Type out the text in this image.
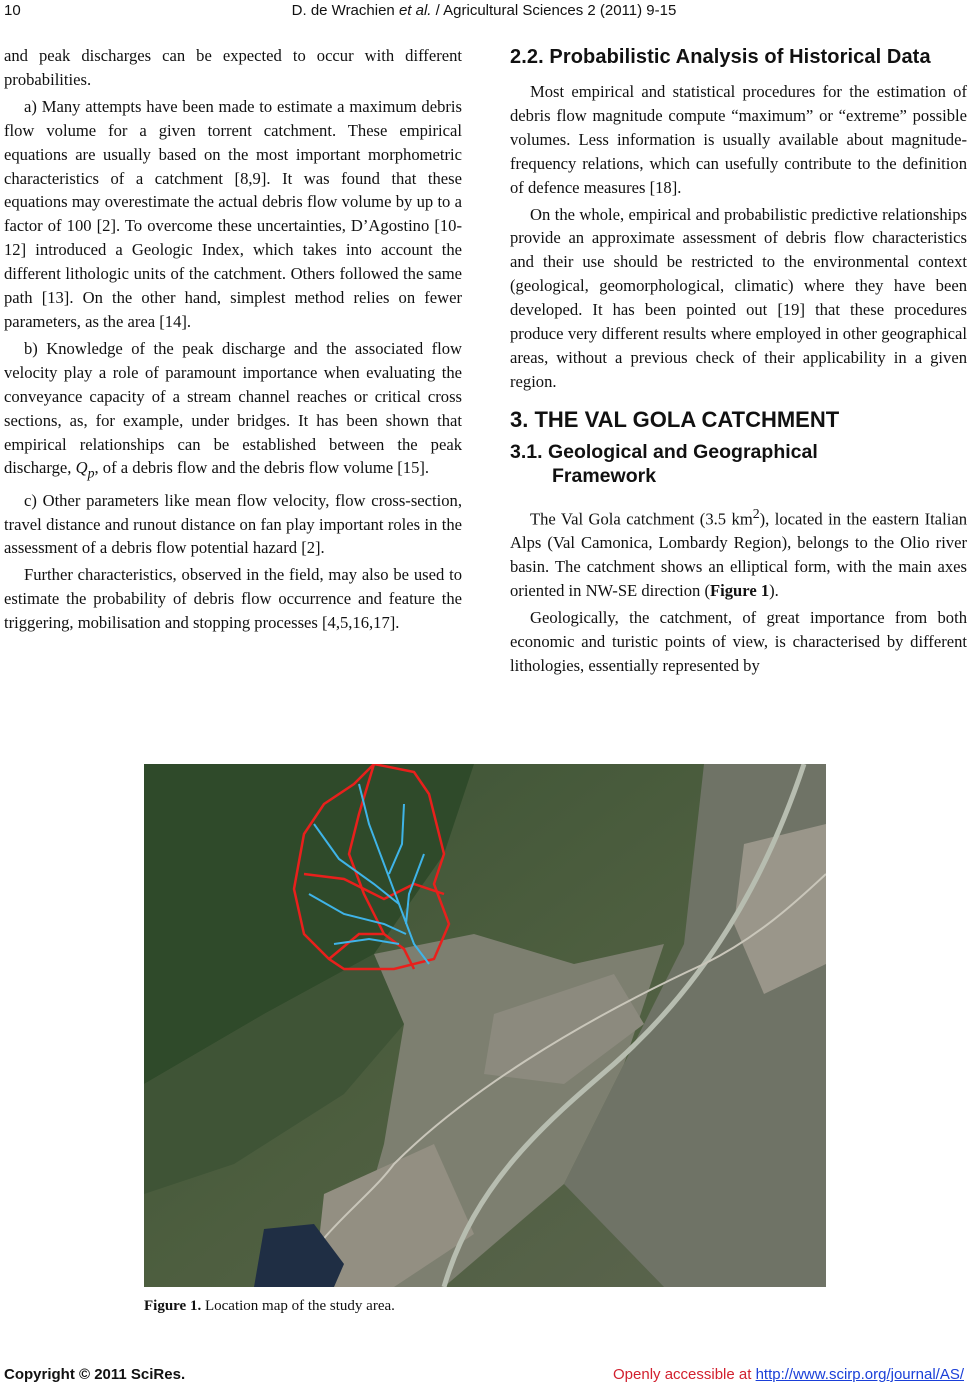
10	D. de Wrachien et al. / Agricultural Sciences 2 (2011) 9-15

and peak discharges can be expected to occur with different probabilities.

a) Many attempts have been made to estimate a maximum debris flow volume for a given torrent catchment. These empirical equations are usually based on the most important morphometric characteristics of a catchment [8,9]. It was found that these equations may overestimate the actual debris flow volume by up to a factor of 100 [2]. To overcome these uncertainties, D’Agostino [10-12] introduced a Geologic Index, which takes into account the different lithologic units of the catchment. Others followed the same path [13]. On the other hand, simplest method relies on fewer parameters, as the area [14].

b) Knowledge of the peak discharge and the associated flow velocity play a role of paramount importance when evaluating the conveyance capacity of a stream channel reaches or critical cross sections, as, for example, under bridges. It has been shown that empirical relationships can be established between the peak discharge, $Q_p$, of a debris flow and the debris flow volume [15].

c) Other parameters like mean flow velocity, flow cross-section, travel distance and runout distance on fan play important roles in the assessment of a debris flow potential hazard [2].

Further characteristics, observed in the field, may also be used to estimate the probability of debris flow occurrence and feature the triggering, mobilisation and stopping processes [4,5,16,17].

2.2. Probabilistic Analysis of Historical Data

Most empirical and statistical procedures for the estimation of debris flow magnitude compute “maximum” or “extreme” possible volumes. Less information is usually available about magnitude-frequency relations, which can usefully contribute to the definition of defence measures [18].

On the whole, empirical and probabilistic predictive relationships provide an approximate assessment of debris flow characteristics and their use should be restricted to the environmental context (geological, geomorphological, climatic) where they have been developed. It has been pointed out [19] that these procedures produce very different results where employed in other geographical areas, without a previous check of their applicability in a given region.

3. THE VAL GOLA CATCHMENT
3.1. Geological and Geographical
Framework

The Val Gola catchment (3.5 $km^2$), located in the eastern Italian Alps (Val Camonica, Lombardy Region), belongs to the Olio river basin. The catchment shows an elliptical form, with the main axes oriented in NW-SE direction (Figure 1).

Geologically, the catchment, of great importance from both economic and turistic points of view, is characterised by different lithologies, essentially represented by

Figure 1. Location map of the study area.
Copyright © 2011 SciRes.	Openly accessible at http://www.scirp.org/journal/AS/
